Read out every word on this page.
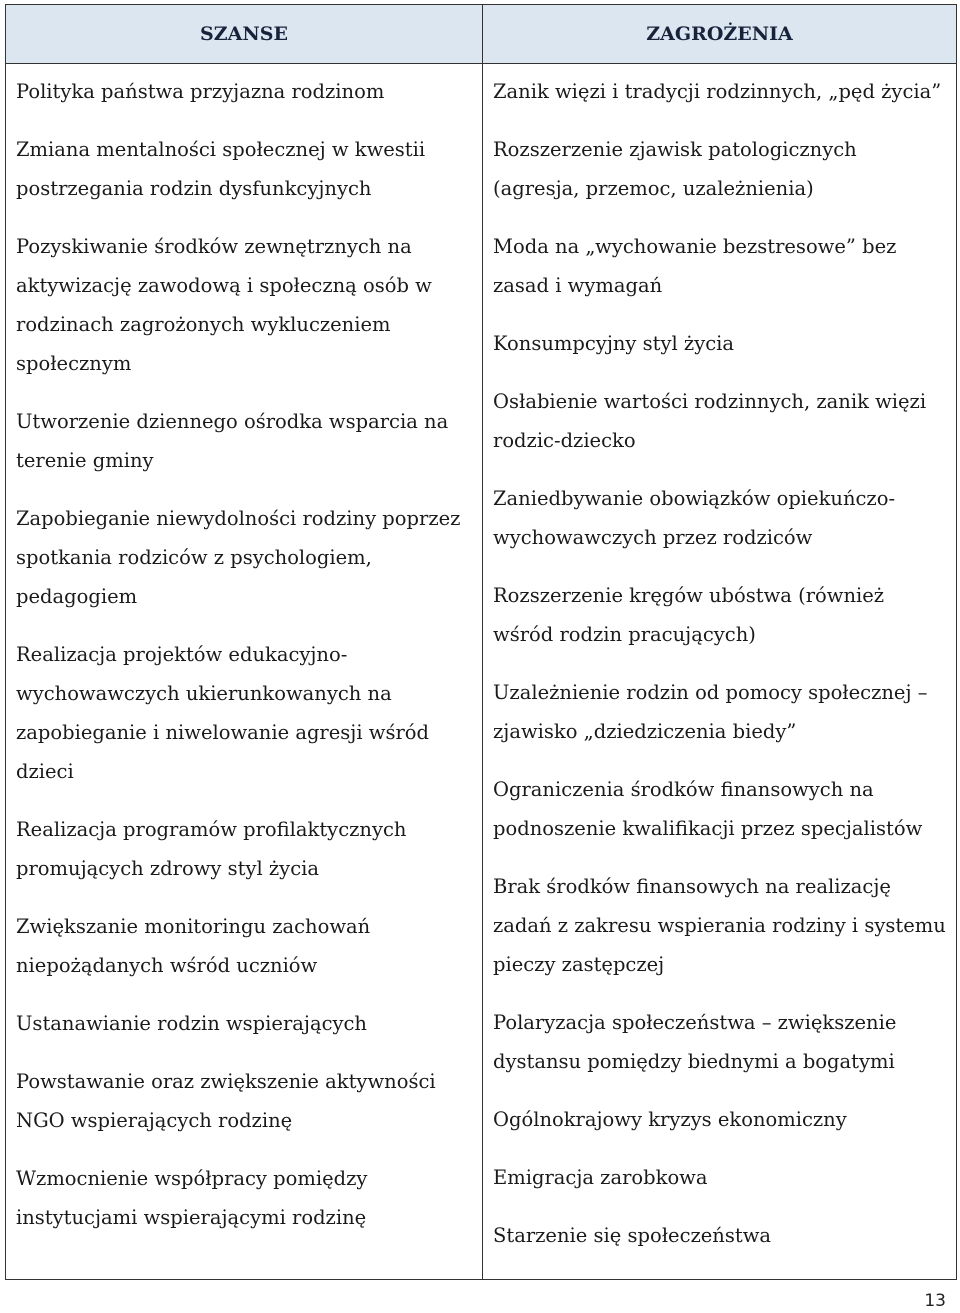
SZANSE
Polityka państwa przyjazna rodzinom
Zmiana mentalności społecznej w kwestii postrzegania rodzin dysfunkcyjnych
Pozyskiwanie środków zewnętrznych na aktywizację zawodową i społeczną osób w rodzinach zagrożonych wykluczeniem społecznym
Utworzenie dziennego ośrodka wsparcia na terenie gminy
Zapobieganie niewydolności rodziny poprzez spotkania rodziców z psychologiem, pedagogiem
Realizacja projektów edukacyjno-wychowawczych ukierunkowanych na zapobieganie i niwelowanie agresji wśród dzieci
Realizacja programów profilaktycznych promujących zdrowy styl życia
Zwiększanie monitoringu zachowań niepożądanych wśród uczniów
Ustanawianie rodzin wspierających
Powstawanie oraz zwiększenie aktywności NGO wspierających rodzinę
Wzmocnienie współpracy pomiędzy instytucjami wspierającymi rodzinę
ZAGROŻENIA
Zanik więzi i tradycji rodzinnych, „pęd życia”
Rozszerzenie zjawisk patologicznych (agresja, przemoc, uzależnienia)
Moda na „wychowanie bezstresowe” bez zasad i wymagań
Konsumpcyjny styl życia
Osłabienie wartości rodzinnych, zanik więzi rodzic-dziecko
Zaniedbywanie obowiązków opiekuńczo-wychowawczych przez rodziców
Rozszerzenie kręgów ubóstwa (również wśród rodzin pracujących)
Uzależnienie rodzin od pomocy społecznej – zjawisko „dziedziczenia biedy”
Ograniczenia środków finansowych na podnoszenie kwalifikacji przez specjalistów
Brak środków finansowych na realizację zadań z zakresu wspierania rodziny i systemu pieczy zastępczej
Polaryzacja społeczeństwa – zwiększenie dystansu pomiędzy biednymi a bogatymi
Ogólnokrajowy kryzys ekonomiczny
Emigracja zarobkowa
Starzenie się społeczeństwa
13
